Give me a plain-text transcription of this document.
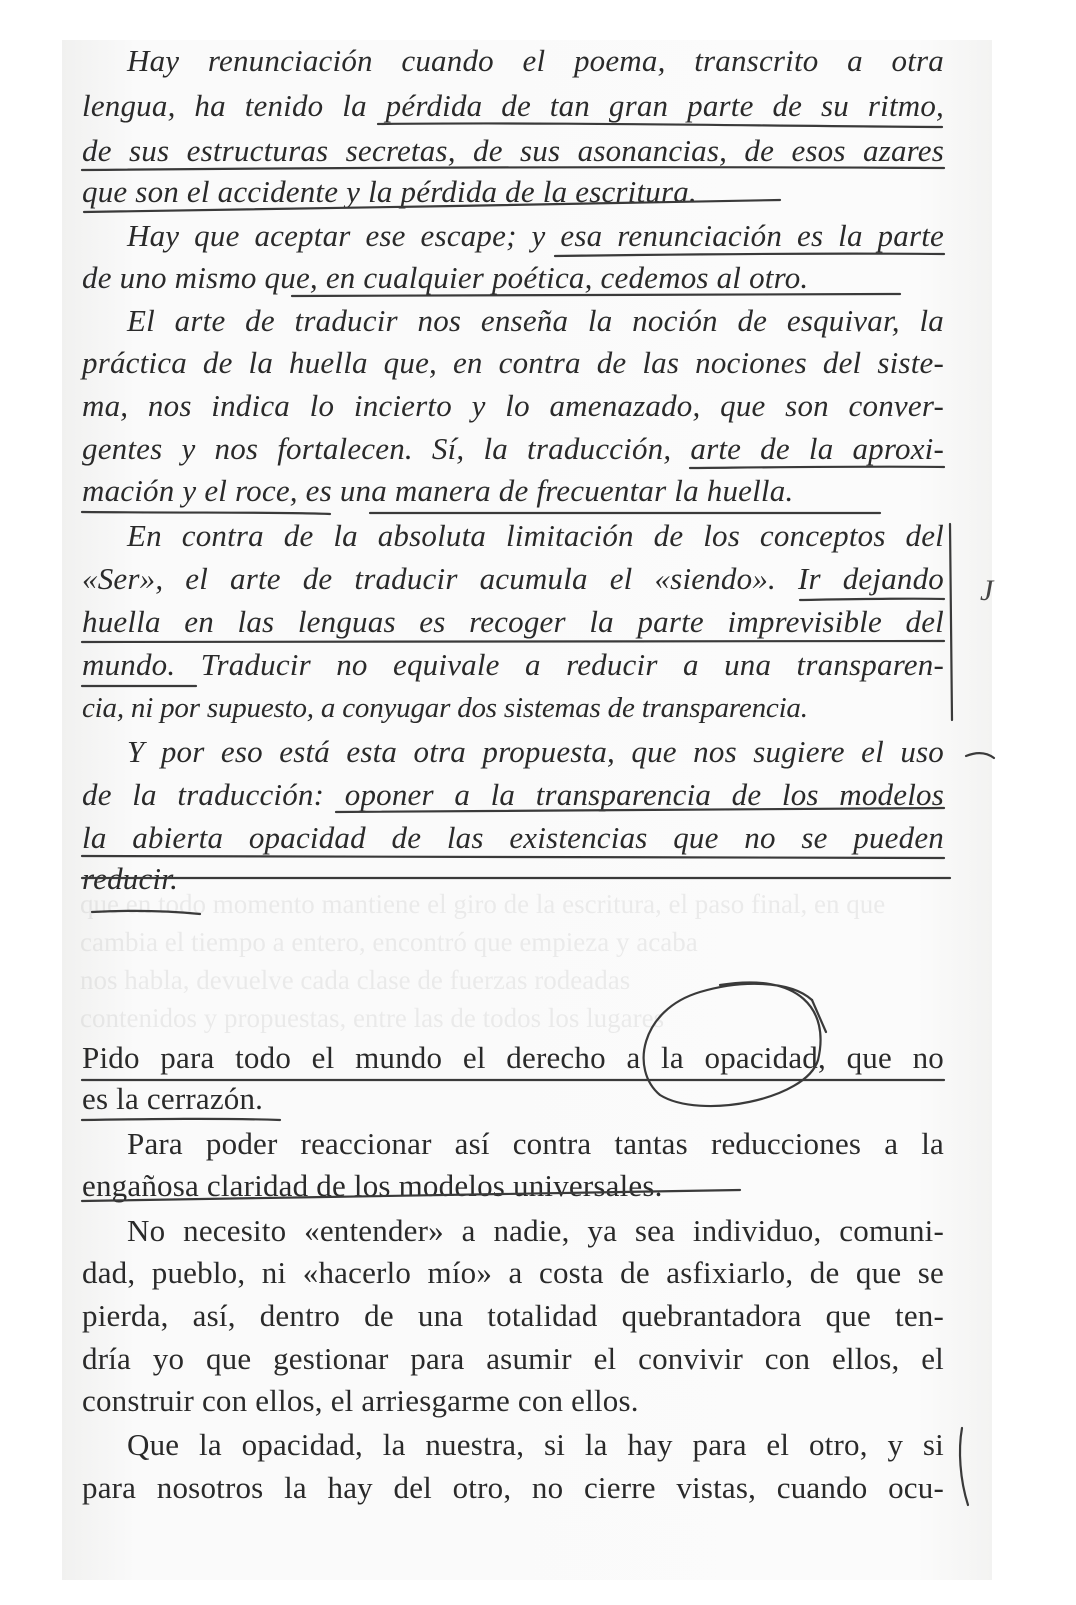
que en todo momento mantiene el giro de la escritura, el paso final, en que
cambia el tiempo a entero, encontró que empieza y acaba
nos habla, devuelve cada clase de fuerzas rodeadas
contenidos y propuestas, entre las de todos los lugares
Hay renunciación cuando el poema, transcrito a otra
lengua, ha tenido la pérdida de tan gran parte de su ritmo,
de sus estructuras secretas, de sus asonancias, de esos azares
que son el accidente y la pérdida de la escritura.
Hay que aceptar ese escape; y esa renunciación es la parte
de uno mismo que, en cualquier poética, cedemos al otro.
El arte de traducir nos enseña la noción de esquivar, la
práctica de la huella que, en contra de las nociones del siste-
ma, nos indica lo incierto y lo amenazado, que son conver-
gentes y nos fortalecen. Sí, la traducción, arte de la aproxi-
mación y el roce, es una manera de frecuentar la huella.
En contra de la absoluta limitación de los conceptos del
«Ser», el arte de traducir acumula el «siendo». Ir dejando
huella en las lenguas es recoger la parte imprevisible del
mundo. Traducir no equivale a reducir a una transparen-
cia, ni por supuesto, a conyugar dos sistemas de transparencia.
Y por eso está esta otra propuesta, que nos sugiere el uso
de la traducción: oponer a la transparencia de los modelos
la abierta opacidad de las existencias que no se pueden
reducir.
Pido para todo el mundo el derecho a la opacidad, que no
es la cerrazón.
Para poder reaccionar así contra tantas reducciones a la
engañosa claridad de los modelos universales.
No necesito «entender» a nadie, ya sea individuo, comuni-
dad, pueblo, ni «hacerlo mío» a costa de asfixiarlo, de que se
pierda, así, dentro de una totalidad quebrantadora que ten-
dría yo que gestionar para asumir el convivir con ellos, el
construir con ellos, el arriesgarme con ellos.
Que la opacidad, la nuestra, si la hay para el otro, y si
para nosotros la hay del otro, no cierre vistas, cuando ocu-
J
